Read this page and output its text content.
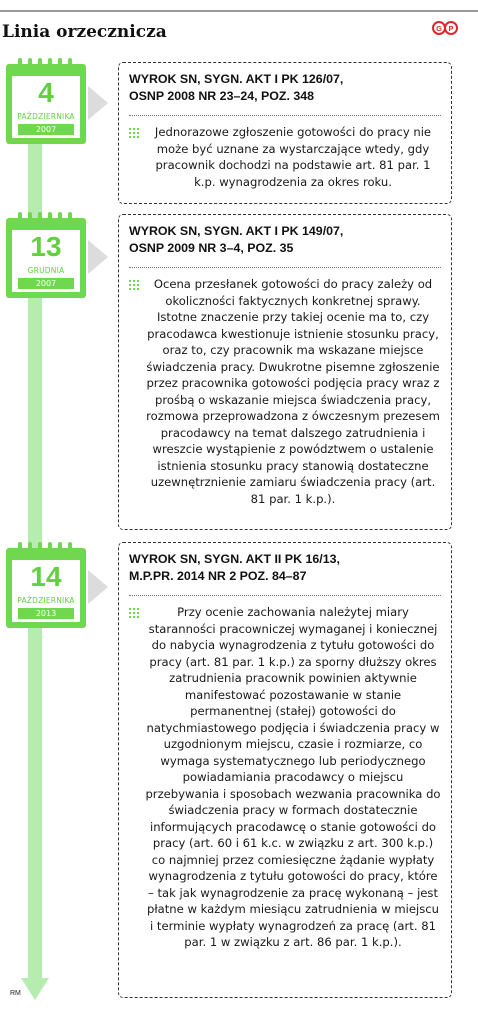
Linia orzecznicza	G P
4
PAŹDZIERNIKA
2007

WYROK SN, SYGN. AKT I PK 126/07,
OSNP 2008 NR 23–24, POZ. 348

Jednorazowe zgłoszenie gotowości do pracy nie może być uznane za wystarczające wtedy, gdy pracownik dochodzi na podstawie art. 81 par. 1 k.p. wynagrodzenia za okres roku.

13
GRUDNIA
2007

WYROK SN, SYGN. AKT I PK 149/07,
OSNP 2009 NR 3–4, POZ. 35

Ocena przesłanek gotowości do pracy zależy od okoliczności faktycznych konkretnej sprawy. Istotne znaczenie przy takiej ocenie ma to, czy pracodawca kwestionuje istnienie stosunku pracy, oraz to, czy pracownik ma wskazane miejsce świadczenia pracy. Dwukrotne pisemne zgłoszenie przez pracownika gotowości podjęcia pracy wraz z prośbą o wskazanie miejsca świadczenia pracy, rozmowa przeprowadzona z ówczesnym prezesem pracodawcy na temat dalszego zatrudnienia i wreszcie wystąpienie z powództwem o ustalenie istnienia stosunku pracy stanowią dostateczne uzewnętrznienie zamiaru świadczenia pracy (art. 81 par. 1 k.p.).

14
PAŹDZIERNIKA
2013

WYROK SN, SYGN. AKT II PK 16/13,
M.P.PR. 2014 NR 2 POZ. 84–87

Przy ocenie zachowania należytej miary staranności pracowniczej wymaganej i koniecznej do nabycia wynagrodzenia z tytułu gotowości do pracy (art. 81 par. 1 k.p.) za sporny dłuższy okres zatrudnienia pracownik powinien aktywnie manifestować pozostawanie w stanie permanentnej (stałej) gotowości do natychmiastowego podjęcia i świadczenia pracy w uzgodnionym miejscu, czasie i rozmiarze, co wymaga systematycznego lub periodycznego powiadamiania pracodawcy o miejscu przebywania i sposobach wezwania pracownika do świadczenia pracy w formach dostatecznie informujących pracodawcę o stanie gotowości do pracy (art. 60 i 61 k.c. w związku z art. 300 k.p.) co najmniej przez comiesięczne żądanie wypłaty wynagrodzenia z tytułu gotowości do pracy, które – tak jak wynagrodzenie za pracę wykonaną – jest płatne w każdym miesiącu zatrudnienia w miejscu i terminie wypłaty wynagrodzeń za pracę (art. 81 par. 1 w związku z art. 86 par. 1 k.p.).

RM
